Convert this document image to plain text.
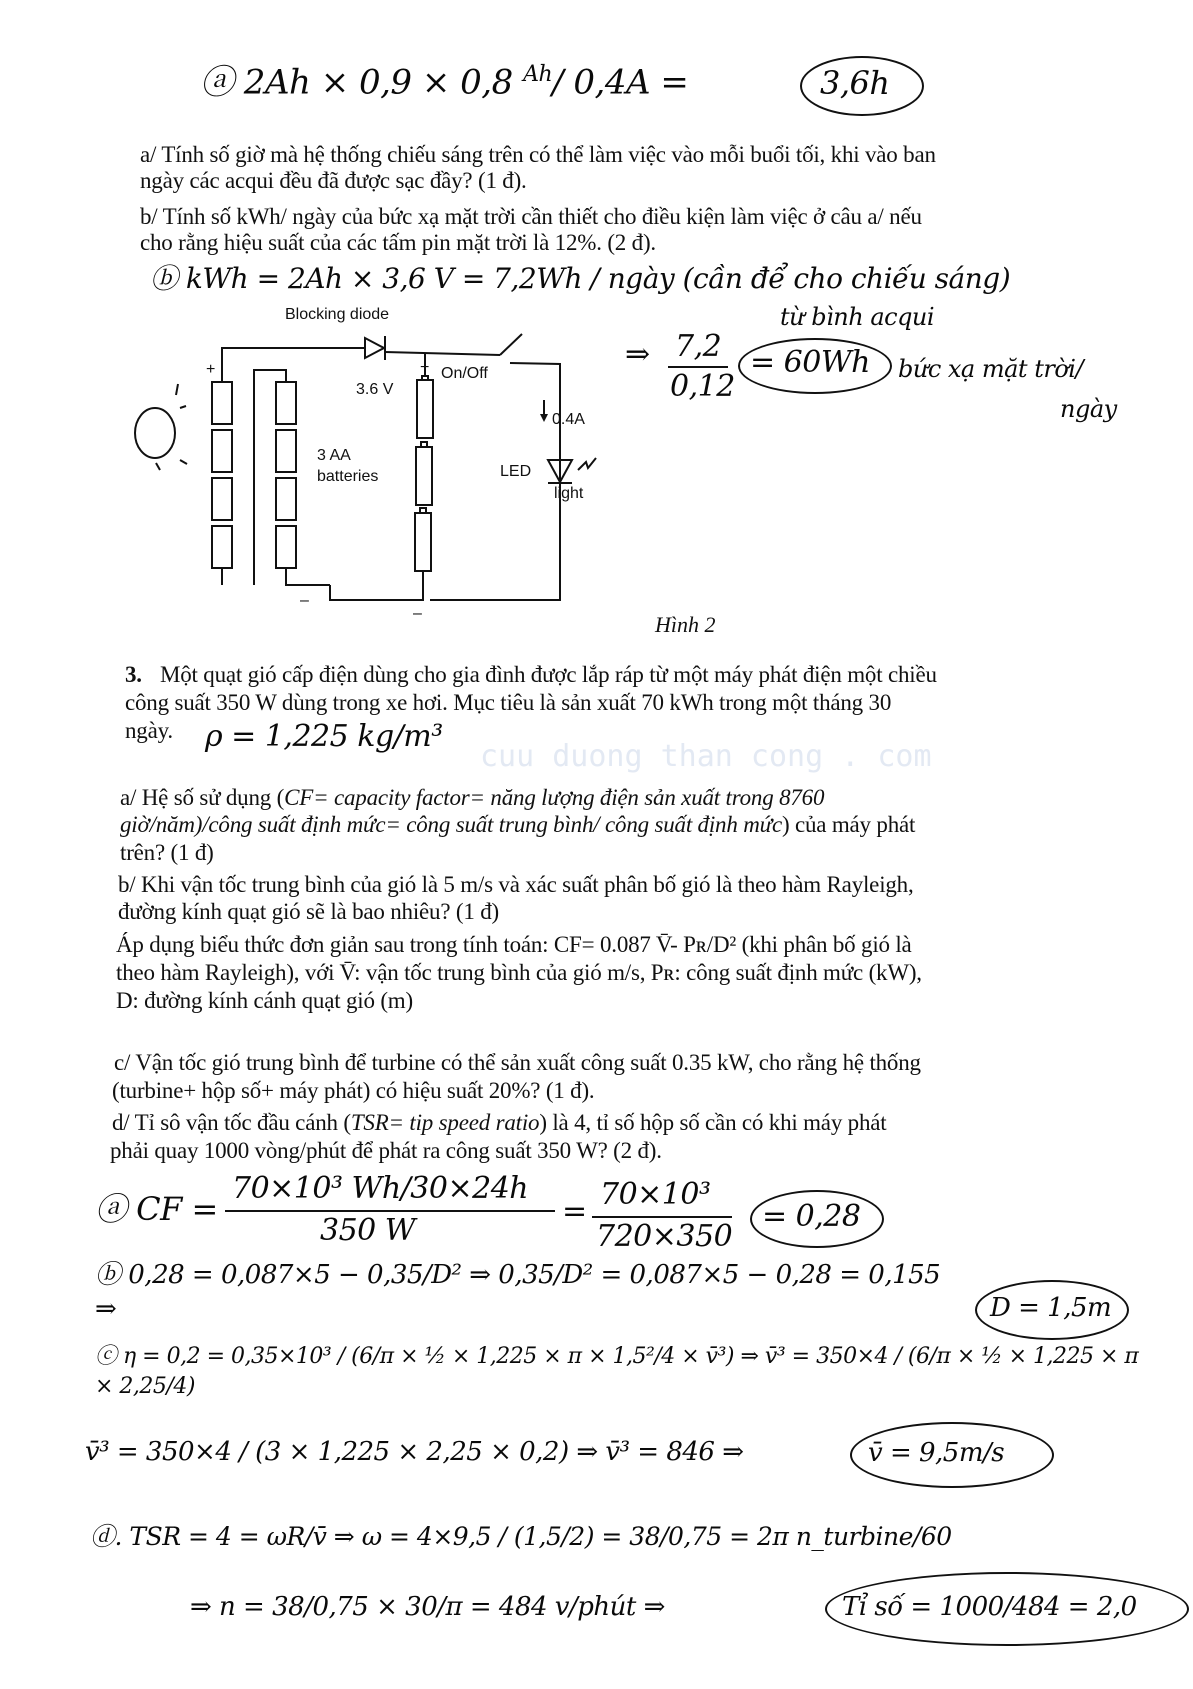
cuu duong than cong . com
ⓐ 2Ah × 0,9 × 0,8 $^{Ah}$/ 0,4A =	3,6h
a/ Tính số giờ mà hệ thống chiếu sáng trên có thể làm việc vào mỗi buổi tối, khi vào ban
ngày các acqui đều đã được sạc đầy? (1 đ).
b/ Tính số kWh/ ngày của bức xạ mặt trời cần thiết cho điều kiện làm việc ở câu a/ nếu
cho rằng hiệu suất của các tấm pin mặt trời là 12%. (2 đ).
ⓑ kWh = 2Ah × 3,6 V = 7,2Wh / ngày (cần để cho chiếu sáng)
từ bình acqui
⇒ 7,2
0,12
= 60Wh bức xạ mặt trời/
ngày
Blocking diode
On/Off
3.6 V
0.4A
3 AA
batteries	LED
light
+	+
–
–	Hình 2
3. Một quạt gió cấp điện dùng cho gia đình được lắp ráp từ một máy phát điện một chiều
công suất 350 W dùng trong xe hơi. Mục tiêu là sản xuất 70 kWh trong một tháng 30
ngày. ρ = 1,225 kg/m³
a/ Hệ số sử dụng (CF= capacity factor= năng lượng điện sản xuất trong 8760
giờ/năm)/công suất định mức= công suất trung bình/ công suất định mức) của máy phát
trên? (1 đ)
b/ Khi vận tốc trung bình của gió là 5 m/s và xác suất phân bố gió là theo hàm Rayleigh,
đường kính quạt gió sẽ là bao nhiêu? (1 đ)
Áp dụng biểu thức đơn giản sau trong tính toán: CF= 0.087 V̄- Pʀ/D² (khi phân bố gió là
theo hàm Rayleigh), với V̄: vận tốc trung bình của gió m/s, Pʀ: công suất định mức (kW),
D: đường kính cánh quạt gió (m)
c/ Vận tốc gió trung bình để turbine có thể sản xuất công suất 0.35 kW, cho rằng hệ thống
(turbine+ hộp số+ máy phát) có hiệu suất 20%? (1 đ).
d/ Tỉ sô vận tốc đầu cánh (TSR= tip speed ratio) là 4, tỉ số hộp số cần có khi máy phát
phải quay 1000 vòng/phút để phát ra công suất 350 W? (2 đ).
ⓐ CF =
70×10³ Wh/30×24h
350 W
= 70×10³
720×350
= 0,28
ⓑ 0,28 = 0,087×5 − 0,35/D² ⇒ 0,35/D² = 0,087×5 − 0,28 = 0,155 ⇒	D = 1,5m
ⓒ η = 0,2 = 0,35×10³ / (6/π × ½ × 1,225 × π × 1,5²/4 × v̄³) ⇒ v̄³ = 350×4 / (6/π × ½ × 1,225 × π × 2,25/4)
v̄³ = 350×4 / (3 × 1,225 × 2,25 × 0,2) ⇒ v̄³ = 846 ⇒	v̄ = 9,5m/s
ⓓ. TSR = 4 = ωR/v̄ ⇒ ω = 4×9,5 / (1,5/2) = 38/0,75 = 2π n_turbine/60
⇒ n = 38/0,75 × 30/π = 484 v/phút ⇒	Tỉ số = 1000/484 = 2,0
